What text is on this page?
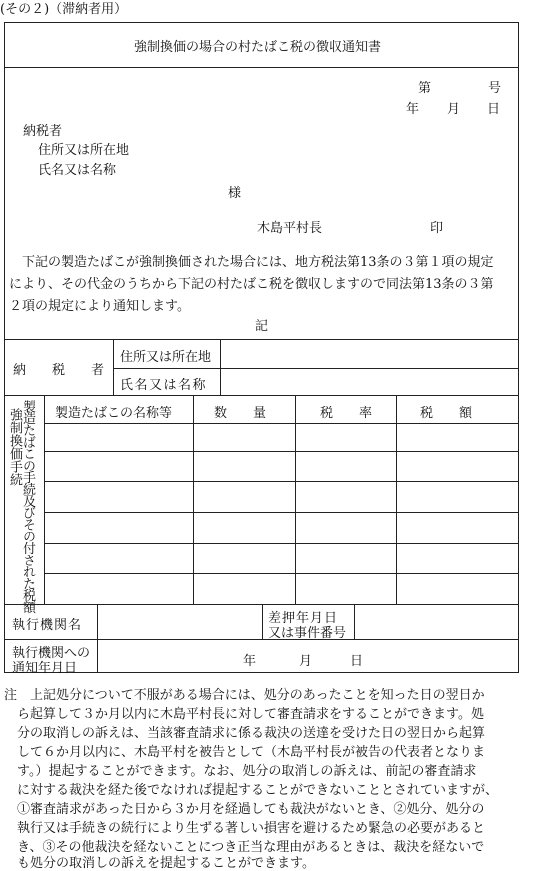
(その２)（滞納者用）
強制換価の場合の村たばこ税の徴収通知書
第	号
年 月 日
納税者
住所又は所在地
氏名又は名称
様
木島平村長	印
下記の製造たばこが強制換価された場合には、地方税法第13条の３第１項の規定
により、その代金のうちから下記の村たばこ税を徴収しますので同法第13条の３第
２項の規定により通知します。
記
納　　税　　者
住所又は所在地
氏名又は名称
強制換価手続
製造たばこの手続及びその付された税額 製造たばこの名称等	数　　量	税　　率	税　　額
執行機関名	差押年月日
又は事件番号
執行機関への
通知年月日	年	月	日
注　上記処分について不服がある場合には、処分のあったことを知った日の翌日か
ら起算して３か月以内に木島平村長に対して審査請求をすることができます。処
分の取消しの訴えは、当該審査請求に係る裁決の送達を受けた日の翌日から起算
して６か月以内に、木島平村を被告として（木島平村長が被告の代表者となりま
す。）提起することができます。なお、処分の取消しの訴えは、前記の審査請求
に対する裁決を経た後でなければ提起することができないこととされていますが、
①審査請求があった日から３か月を経過しても裁決がないとき、②処分、処分の
執行又は手続きの続行により生ずる著しい損害を避けるため緊急の必要があると
き、③その他裁決を経ないことにつき正当な理由があるときは、裁決を経ないで
も処分の取消しの訴えを提起することができます。
